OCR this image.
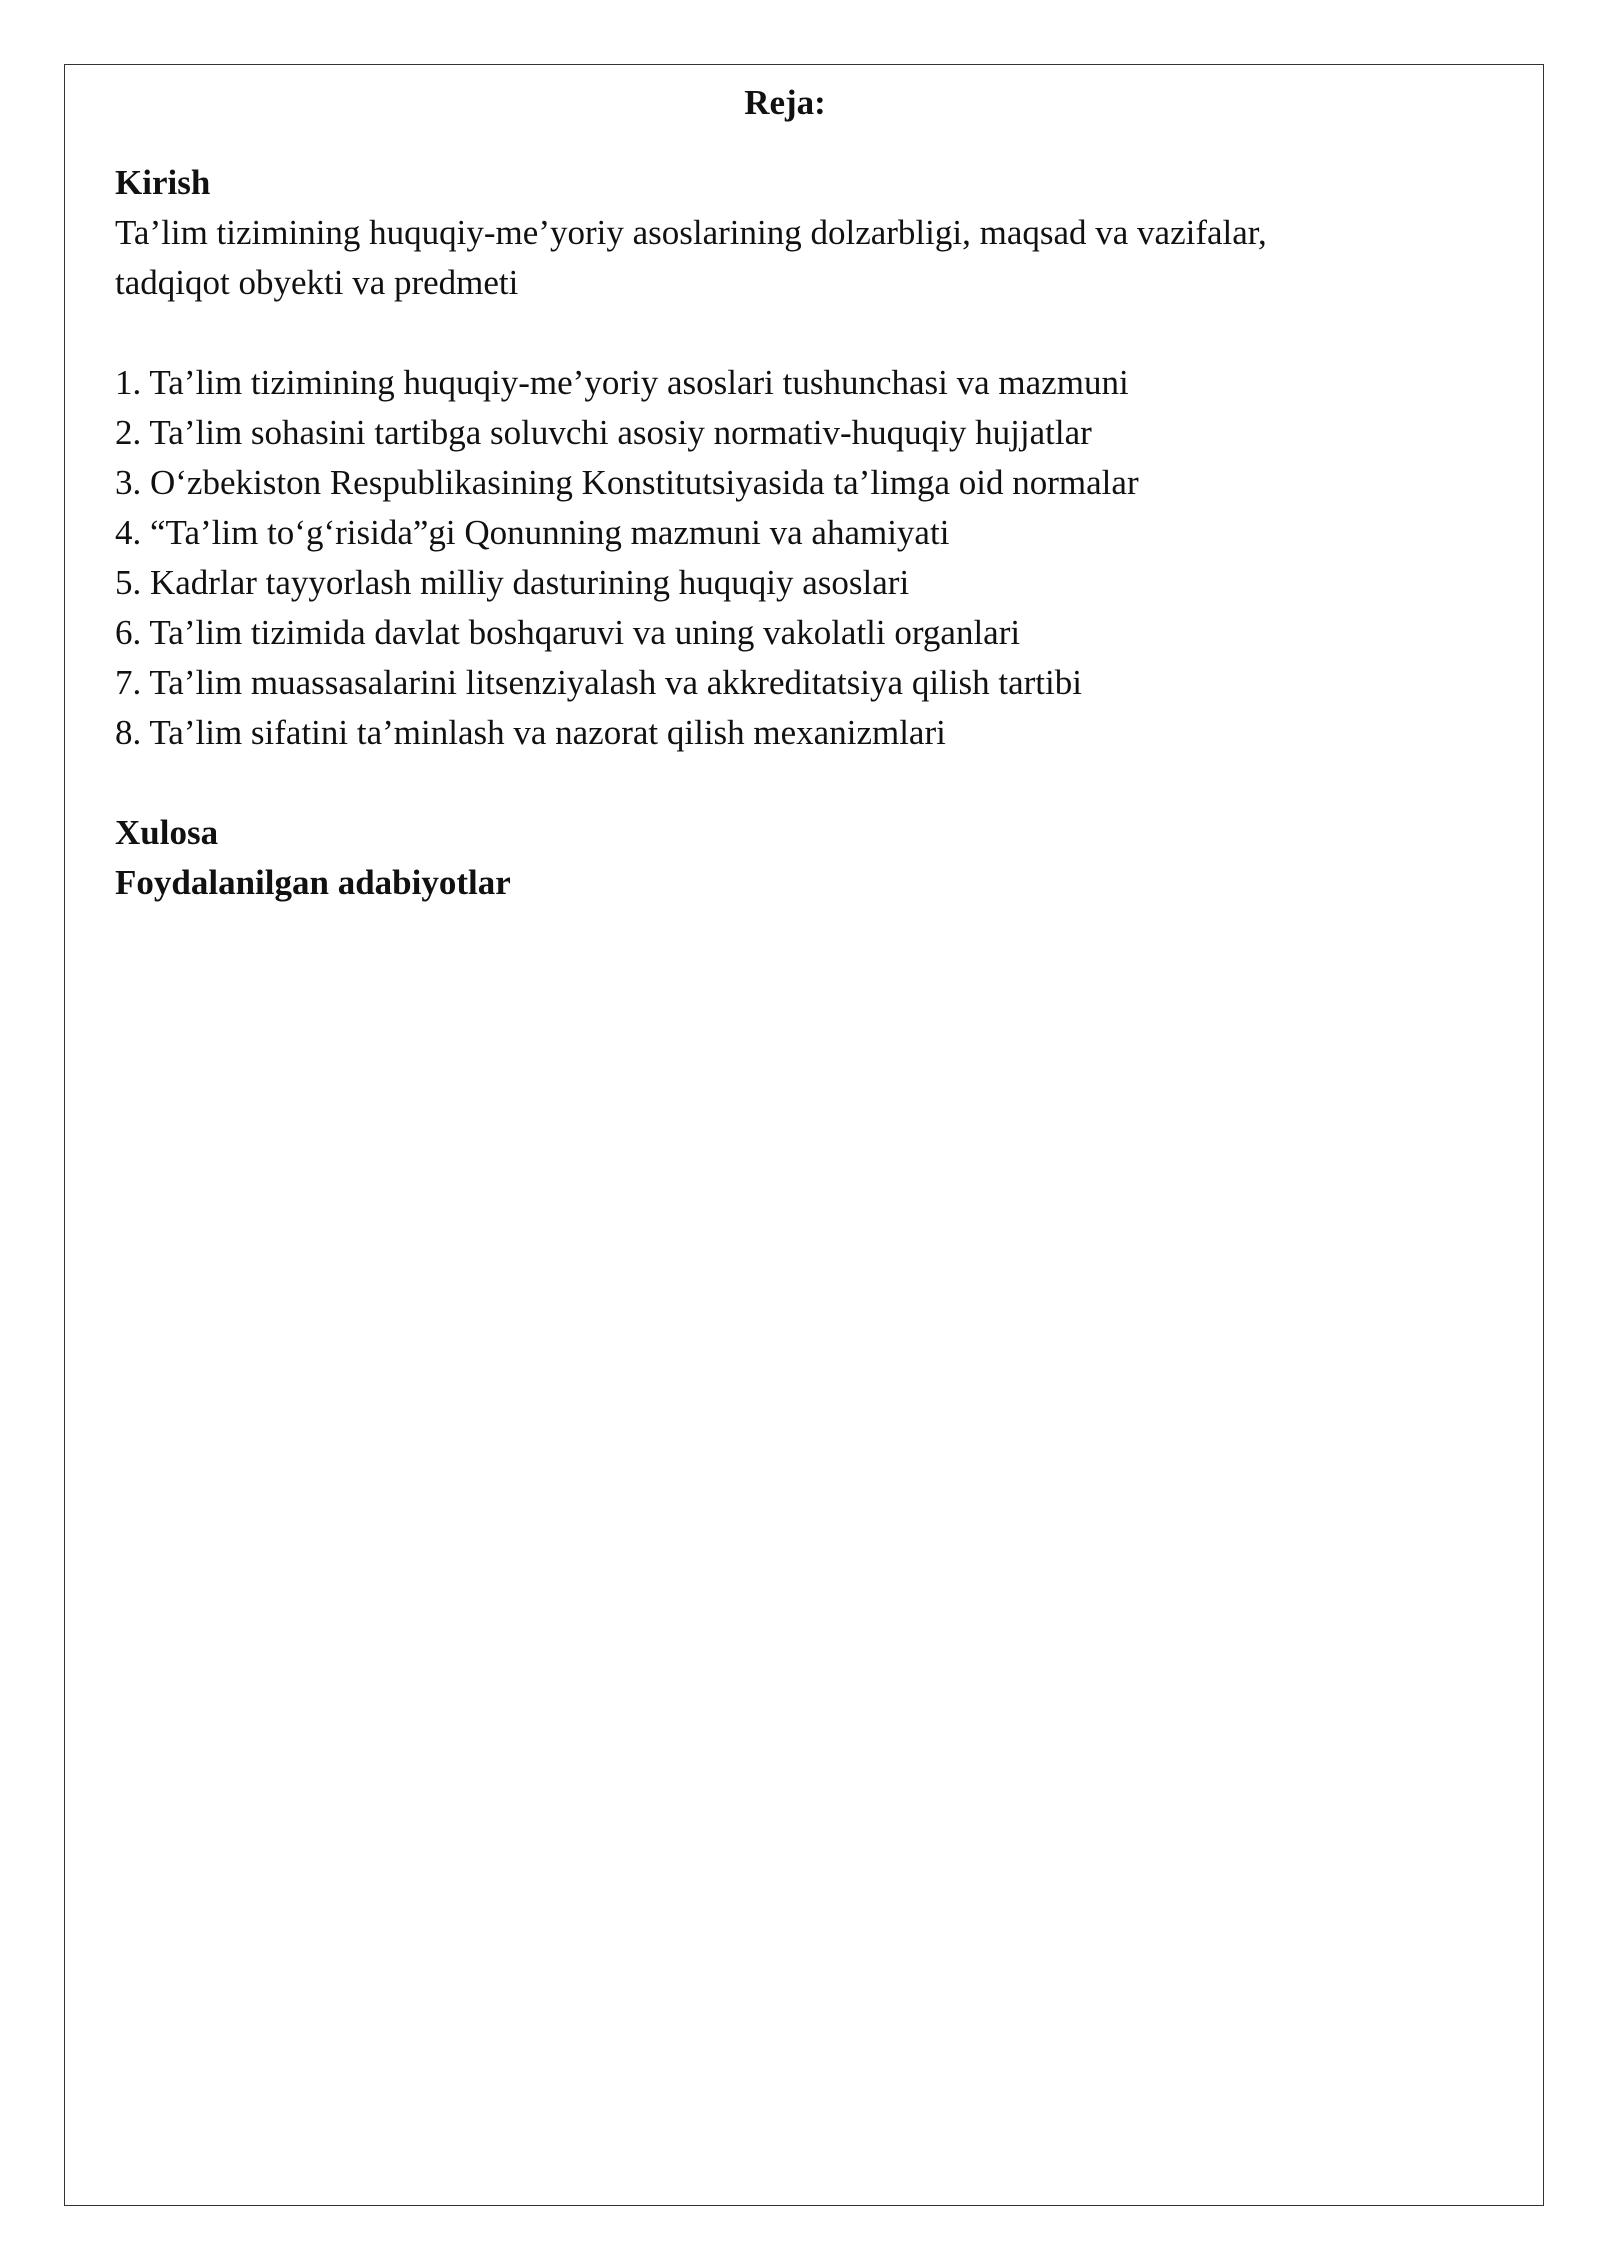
Reja:
Kirish
Ta’lim tizimining huquqiy-me’yoriy asoslarining dolzarbligi, maqsad va vazifalar,
tadqiqot obyekti va predmeti
1. Ta’lim tizimining huquqiy-me’yoriy asoslari tushunchasi va mazmuni
2. Ta’lim sohasini tartibga soluvchi asosiy normativ-huquqiy hujjatlar
3. O‘zbekiston Respublikasining Konstitutsiyasida ta’limga oid normalar
4. “Ta’lim to‘g‘risida”gi Qonunning mazmuni va ahamiyati
5. Kadrlar tayyorlash milliy dasturining huquqiy asoslari
6. Ta’lim tizimida davlat boshqaruvi va uning vakolatli organlari
7. Ta’lim muassasalarini litsenziyalash va akkreditatsiya qilish tartibi
8. Ta’lim sifatini ta’minlash va nazorat qilish mexanizmlari
Xulosa
Foydalanilgan adabiyotlar
